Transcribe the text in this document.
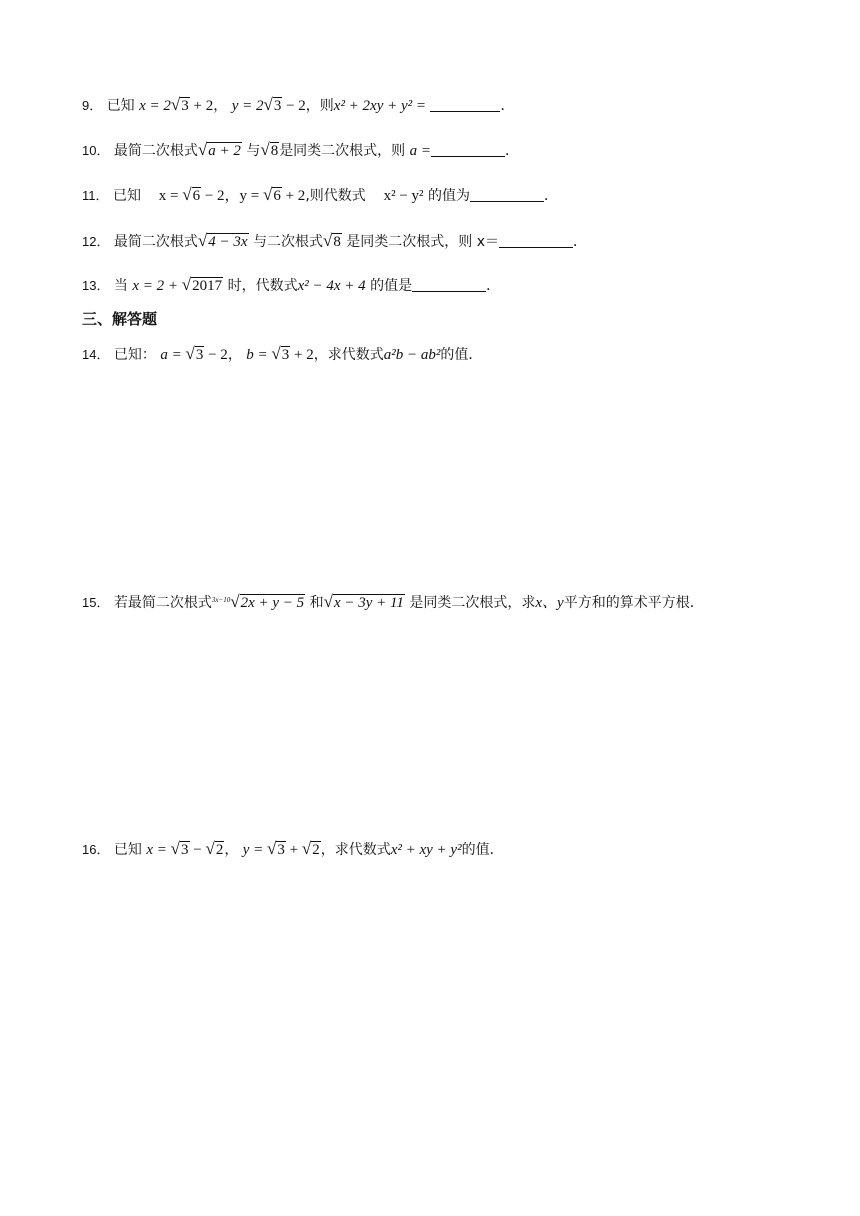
9． 已知 x = 2√3 + 2， y = 2√3 − 2，则x² + 2xy + y² =	．
10． 最简二次根式√a + 2 与√8是同类二次根式，则 a =	．
11． 已知 x = √6 − 2，y = √6 + 2,则代数式 x² − y² 的值为	．
12． 最简二次根式√4 − 3x 与二次根式√8 是同类二次根式，则 x＝	．
13． 当 x = 2 + √2017 时，代数式x² − 4x + 4 的值是	．
三、解答题
14． 已知： a = √3 − 2， b = √3 + 2，求代数式a²b − ab²的值．
15． 若最简二次根式$^{3x-10}$√2x + y − 5 和√x − 3y + 11 是同类二次根式，求x、y平方和的算术平方根．
16． 已知 x = √3 − √2， y = √3 + √2，求代数式x² + xy + y²的值．
